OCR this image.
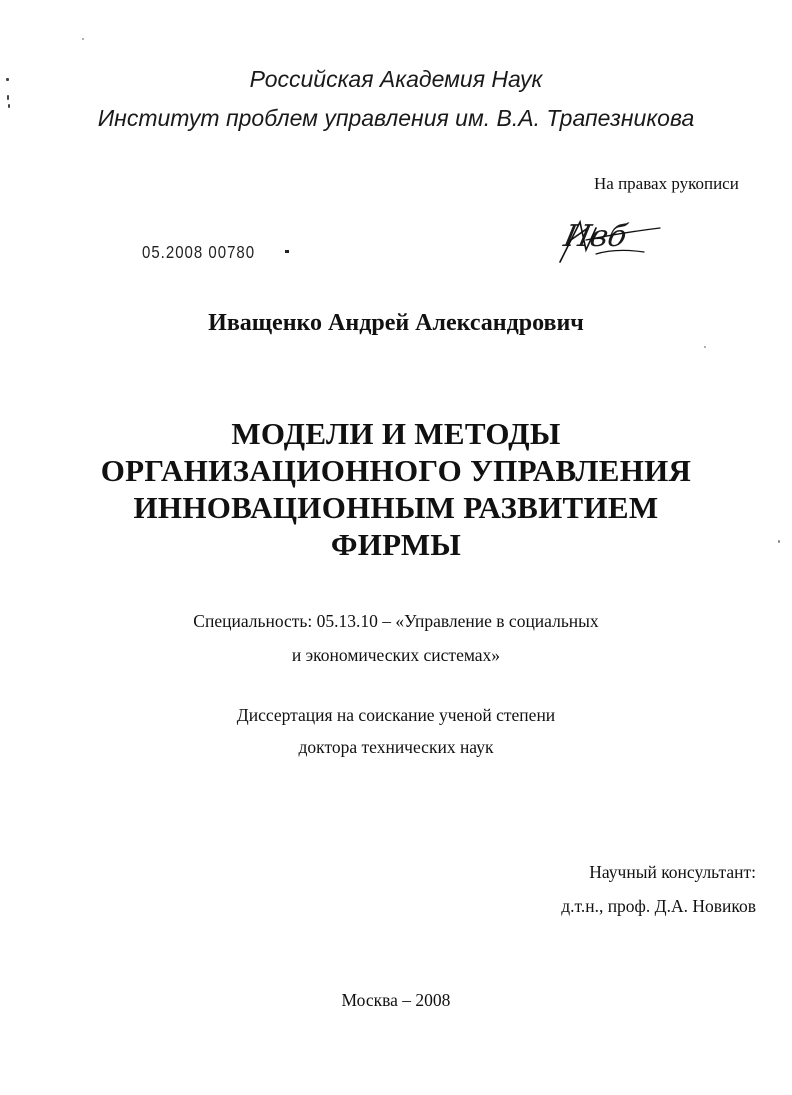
Российская Академия Наук
Институт проблем управления им. В.А. Трапезникова
На правах рукописи
05.2008 00780	Ивб
Иващенко Андрей Александрович
МОДЕЛИ И МЕТОДЫ
ОРГАНИЗАЦИОННОГО УПРАВЛЕНИЯ
ИННОВАЦИОННЫМ РАЗВИТИЕМ
ФИРМЫ
Специальность: 05.13.10 – «Управление в социальных
и экономических системах»
Диссертация на соискание ученой степени
доктора технических наук
Научный консультант:
д.т.н., проф. Д.А. Новиков
Москва – 2008
